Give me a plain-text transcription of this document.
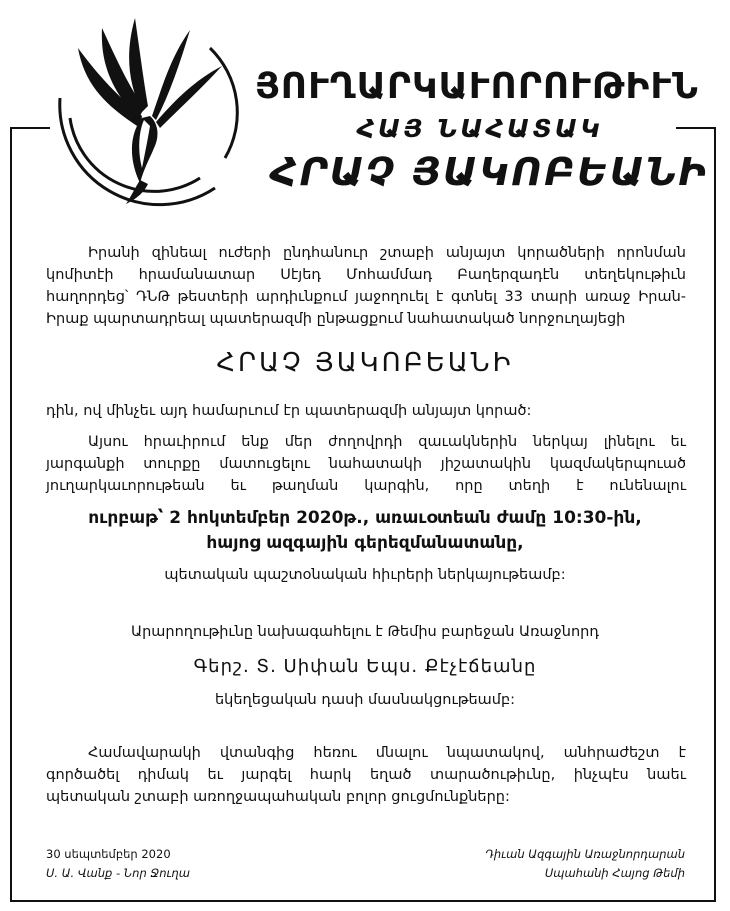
ՅՈՒՂԱՐԿԱՒՈՐՈՒԹԻՒՆ
ՀԱՅ ՆԱՀԱՏԱԿ
ՀՐԱՉ ՅԱԿՈԲԵԱՆԻ
Իրանի զինեալ ուժերի ընդհանուր շտաբի անյայտ կորածների որոնման
կոմիտէի հրամանատար Սէյեդ Մոհամմադ Բաղերզադէն տեղեկութիւն
հաղորդեց՝ ԴՆԹ թեստերի արդիւնքում յաջողուել է գտնել 33 տարի առաջ Իրան-
Իրաք պարտադրեալ պատերազմի ընթացքում նահատակած նորջուղայեցի
ՀՐԱՉ ՅԱԿՈԲԵԱՆԻ
դին, ով մինչեւ այդ համարւում էր պատերազմի անյայտ կորած:
Այսու հրաւիրում ենք մեր ժողովրդի զաւակներին ներկայ լինելու եւ
յարգանքի տուրքը մատուցելու նահատակի յիշատակին կազմակերպուած
յուղարկաւորութեան եւ թաղման կարգին, որը տեղի է ունենալու
ուրբաթ՝ 2 հոկտեմբեր 2020թ., առաւօտեան ժամը 10:30-ին,
հայոց ազգային գերեզմանատանը,
պետական պաշտօնական հիւրերի ներկայութեամբ:
Արարողութիւնը նախագահելու է Թեմիս բարեջան Առաջնորդ
Գերշ. Տ. Սիփան Եպս. Քէչէճեանը
եկեղեցական դասի մասնակցութեամբ:
Համավարակի վտանգից հեռու մնալու նպատակով, անհրաժեշտ է
գործածել դիմակ եւ յարգել հարկ եղած տարածութիւնը, ինչպէս նաեւ
պետական շտաբի առողջապահական բոլոր ցուցմունքները:
30 սեպտեմբեր 2020
Ս. Ա. Վանք - Նոր Ջուղա
Դիւան Ազգային Առաջնորդարան
Սպահանի Հայոց Թեմի
